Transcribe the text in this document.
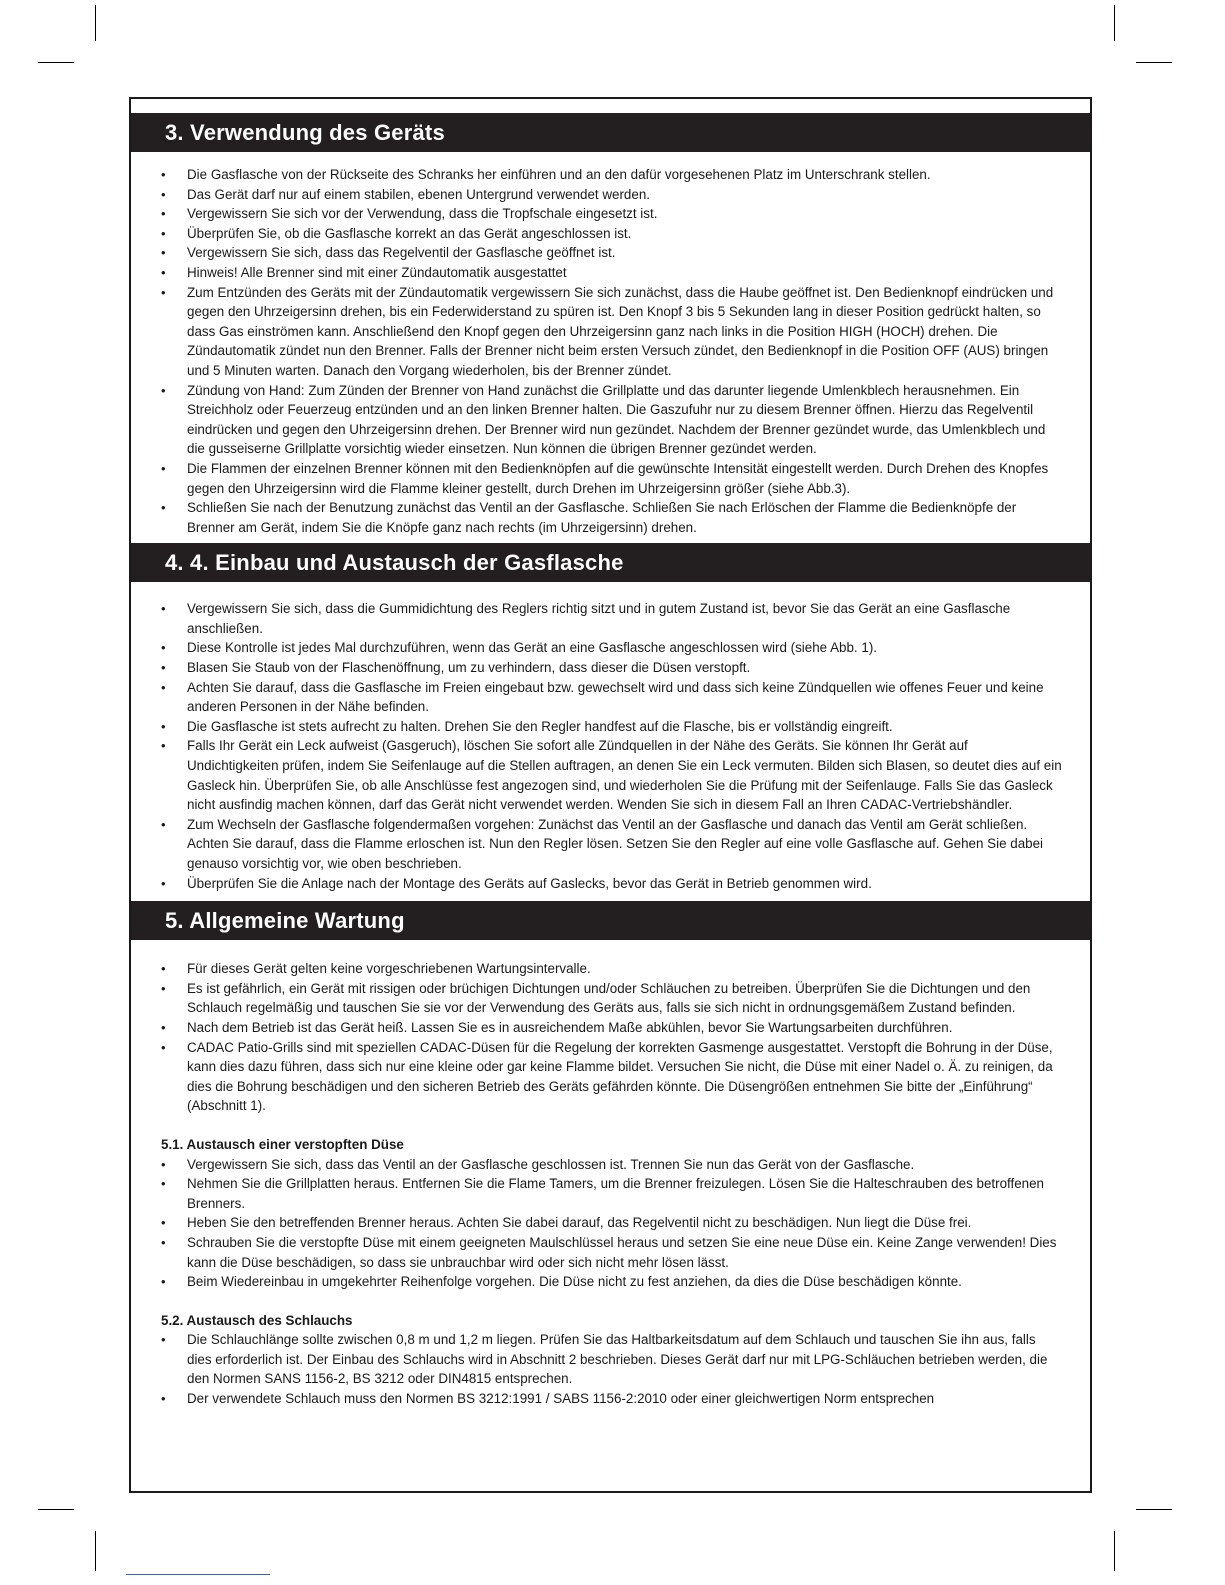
3. Verwendung des Geräts
• Die Gasflasche von der Rückseite des Schranks her einführen und an den dafür vorgesehenen Platz im Unterschrank stellen.
• Das Gerät darf nur auf einem stabilen, ebenen Untergrund verwendet werden.
• Vergewissern Sie sich vor der Verwendung, dass die Tropfschale eingesetzt ist.
• Überprüfen Sie, ob die Gasflasche korrekt an das Gerät angeschlossen ist.
• Vergewissern Sie sich, dass das Regelventil der Gasflasche geöffnet ist.
• Hinweis! Alle Brenner sind mit einer Zündautomatik ausgestattet
• Zum Entzünden des Geräts mit der Zündautomatik vergewissern Sie sich zunächst, dass die Haube geöffnet ist. Den Bedienknopf eindrücken und gegen den Uhrzeigersinn drehen, bis ein Federwiderstand zu spüren ist. Den Knopf 3 bis 5 Sekunden lang in dieser Position gedrückt halten, so dass Gas einströmen kann. Anschließend den Knopf gegen den Uhrzeigersinn ganz nach links in die Position HIGH (HOCH) drehen. Die Zündautomatik zündet nun den Brenner. Falls der Brenner nicht beim ersten Versuch zündet, den Bedienknopf in die Position OFF (AUS) bringen und 5 Minuten warten. Danach den Vorgang wiederholen, bis der Brenner zündet.
• Zündung von Hand: Zum Zünden der Brenner von Hand zunächst die Grillplatte und das darunter liegende Umlenkblech herausnehmen. Ein Streichholz oder Feuerzeug entzünden und an den linken Brenner halten. Die Gaszufuhr nur zu diesem Brenner öffnen. Hierzu das Regelventil eindrücken und gegen den Uhrzeigersinn drehen. Der Brenner wird nun gezündet. Nachdem der Brenner gezündet wurde, das Umlenkblech und die gusseiserne Grillplatte vorsichtig wieder einsetzen. Nun können die übrigen Brenner gezündet werden.
• Die Flammen der einzelnen Brenner können mit den Bedienknöpfen auf die gewünschte Intensität eingestellt werden. Durch Drehen des Knopfes gegen den Uhrzeigersinn wird die Flamme kleiner gestellt, durch Drehen im Uhrzeigersinn größer (siehe Abb.3).
• Schließen Sie nach der Benutzung zunächst das Ventil an der Gasflasche. Schließen Sie nach Erlöschen der Flamme die Bedienknöpfe der Brenner am Gerät, indem Sie die Knöpfe ganz nach rechts (im Uhrzeigersinn) drehen.
4. 4. Einbau und Austausch der Gasflasche
• Vergewissern Sie sich, dass die Gummidichtung des Reglers richtig sitzt und in gutem Zustand ist, bevor Sie das Gerät an eine Gasflasche anschließen.
• Diese Kontrolle ist jedes Mal durchzuführen, wenn das Gerät an eine Gasflasche angeschlossen wird (siehe Abb. 1).
• Blasen Sie Staub von der Flaschenöffnung, um zu verhindern, dass dieser die Düsen verstopft.
• Achten Sie darauf, dass die Gasflasche im Freien eingebaut bzw. gewechselt wird und dass sich keine Zündquellen wie offenes Feuer und keine anderen Personen in der Nähe befinden.
• Die Gasflasche ist stets aufrecht zu halten. Drehen Sie den Regler handfest auf die Flasche, bis er vollständig eingreift.
• Falls Ihr Gerät ein Leck aufweist (Gasgeruch), löschen Sie sofort alle Zündquellen in der Nähe des Geräts. Sie können Ihr Gerät auf Undichtigkeiten prüfen, indem Sie Seifenlauge auf die Stellen auftragen, an denen Sie ein Leck vermuten. Bilden sich Blasen, so deutet dies auf ein Gasleck hin. Überprüfen Sie, ob alle Anschlüsse fest angezogen sind, und wiederholen Sie die Prüfung mit der Seifenlauge. Falls Sie das Gasleck nicht ausfindig machen können, darf das Gerät nicht verwendet werden. Wenden Sie sich in diesem Fall an Ihren CADAC-Vertriebshändler.
• Zum Wechseln der Gasflasche folgendermaßen vorgehen: Zunächst das Ventil an der Gasflasche und danach das Ventil am Gerät schließen. Achten Sie darauf, dass die Flamme erloschen ist. Nun den Regler lösen. Setzen Sie den Regler auf eine volle Gasflasche auf. Gehen Sie dabei genauso vorsichtig vor, wie oben beschrieben.
• Überprüfen Sie die Anlage nach der Montage des Geräts auf Gaslecks, bevor das Gerät in Betrieb genommen wird.
5. Allgemeine Wartung
• Für dieses Gerät gelten keine vorgeschriebenen Wartungsintervalle.
• Es ist gefährlich, ein Gerät mit rissigen oder brüchigen Dichtungen und/oder Schläuchen zu betreiben. Überprüfen Sie die Dichtungen und den Schlauch regelmäßig und tauschen Sie sie vor der Verwendung des Geräts aus, falls sie sich nicht in ordnungsgemäßem Zustand befinden.
• Nach dem Betrieb ist das Gerät heiß. Lassen Sie es in ausreichendem Maße abkühlen, bevor Sie Wartungsarbeiten durchführen.
• CADAC Patio-Grills sind mit speziellen CADAC-Düsen für die Regelung der korrekten Gasmenge ausgestattet. Verstopft die Bohrung in der Düse, kann dies dazu führen, dass sich nur eine kleine oder gar keine Flamme bildet. Versuchen Sie nicht, die Düse mit einer Nadel o. Ä. zu reinigen, da dies die Bohrung beschädigen und den sicheren Betrieb des Geräts gefährden könnte. Die Düsengrößen entnehmen Sie bitte der „Einführung“ (Abschnitt 1).
5.1. Austausch einer verstopften Düse
• Vergewissern Sie sich, dass das Ventil an der Gasflasche geschlossen ist. Trennen Sie nun das Gerät von der Gasflasche.
• Nehmen Sie die Grillplatten heraus. Entfernen Sie die Flame Tamers, um die Brenner freizulegen. Lösen Sie die Halteschrauben des betroffenen Brenners.
• Heben Sie den betreffenden Brenner heraus. Achten Sie dabei darauf, das Regelventil nicht zu beschädigen. Nun liegt die Düse frei.
• Schrauben Sie die verstopfte Düse mit einem geeigneten Maulschlüssel heraus und setzen Sie eine neue Düse ein. Keine Zange verwenden! Dies kann die Düse beschädigen, so dass sie unbrauchbar wird oder sich nicht mehr lösen lässt.
• Beim Wiedereinbau in umgekehrter Reihenfolge vorgehen. Die Düse nicht zu fest anziehen, da dies die Düse beschädigen könnte.
5.2. Austausch des Schlauchs
• Die Schlauchlänge sollte zwischen 0,8 m und 1,2 m liegen. Prüfen Sie das Haltbarkeitsdatum auf dem Schlauch und tauschen Sie ihn aus, falls dies erforderlich ist. Der Einbau des Schlauchs wird in Abschnitt 2 beschrieben. Dieses Gerät darf nur mit LPG-Schläuchen betrieben werden, die den Normen SANS 1156-2, BS 3212 oder DIN4815 entsprechen.
• Der verwendete Schlauch muss den Normen BS 3212:1991 / SABS 1156-2:2010 oder einer gleichwertigen Norm entsprechen
